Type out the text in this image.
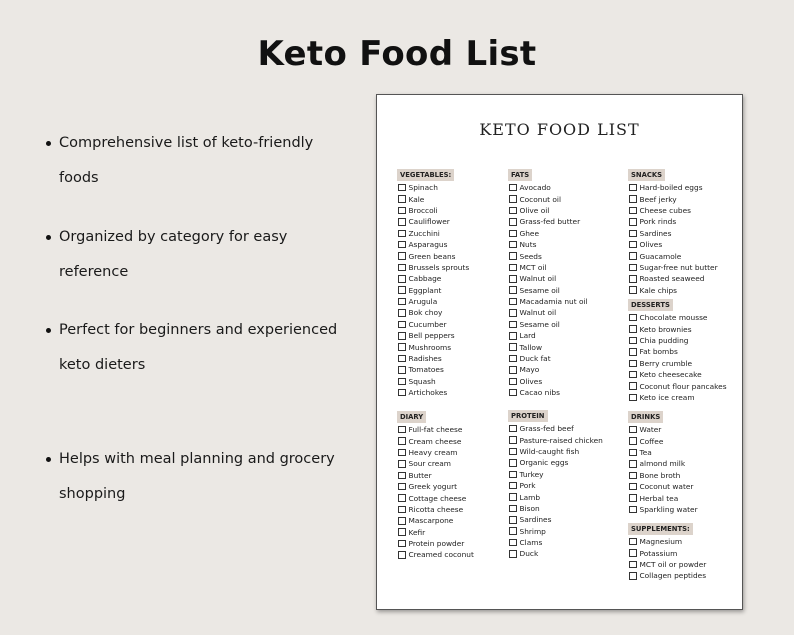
Keto Food List
Comprehensive list of keto-friendly foods
Organized by category for easy reference
Perfect for beginners and experienced
keto dieters
Helps with meal planning and grocery
shopping
KETO FOOD LIST
VEGETABLES:
Spinach
Kale
Broccoli
Cauliflower
Zucchini
Asparagus
Green beans
Brussels sprouts
Cabbage
Eggplant
Arugula
Bok choy
Cucumber
Bell peppers
Mushrooms
Radishes
Tomatoes
Squash
Artichokes
DIARY
Full-fat cheese
Cream cheese
Heavy cream
Sour cream
Butter
Greek yogurt
Cottage cheese
Ricotta cheese
Mascarpone
Kefir
Protein powder
Creamed coconut
FATS
Avocado
Coconut oil
Olive oil
Grass-fed butter
Ghee
Nuts
Seeds
MCT oil
Walnut oil
Sesame oil
Macadamia nut oil
Walnut oil
Sesame oil
Lard
Tallow
Duck fat
Mayo
Olives
Cacao nibs
PROTEIN
Grass-fed beef
Pasture-raised chicken
Wild-caught fish
Organic eggs
Turkey
Pork
Lamb
Bison
Sardines
Shrimp
Clams
Duck
SNACKS
Hard-boiled eggs
Beef jerky
Cheese cubes
Pork rinds
Sardines
Olives
Guacamole
Sugar-free nut butter
Roasted seaweed
Kale chips
DESSERTS
Chocolate mousse
Keto brownies
Chia pudding
Fat bombs
Berry crumble
Keto cheesecake
Coconut flour pancakes
Keto ice cream
DRINKS
Water
Coffee
Tea
almond milk
Bone broth
Coconut water
Herbal tea
Sparkling water
SUPPLEMENTS:
Magnesium
Potassium
MCT oil or powder
Collagen peptides
